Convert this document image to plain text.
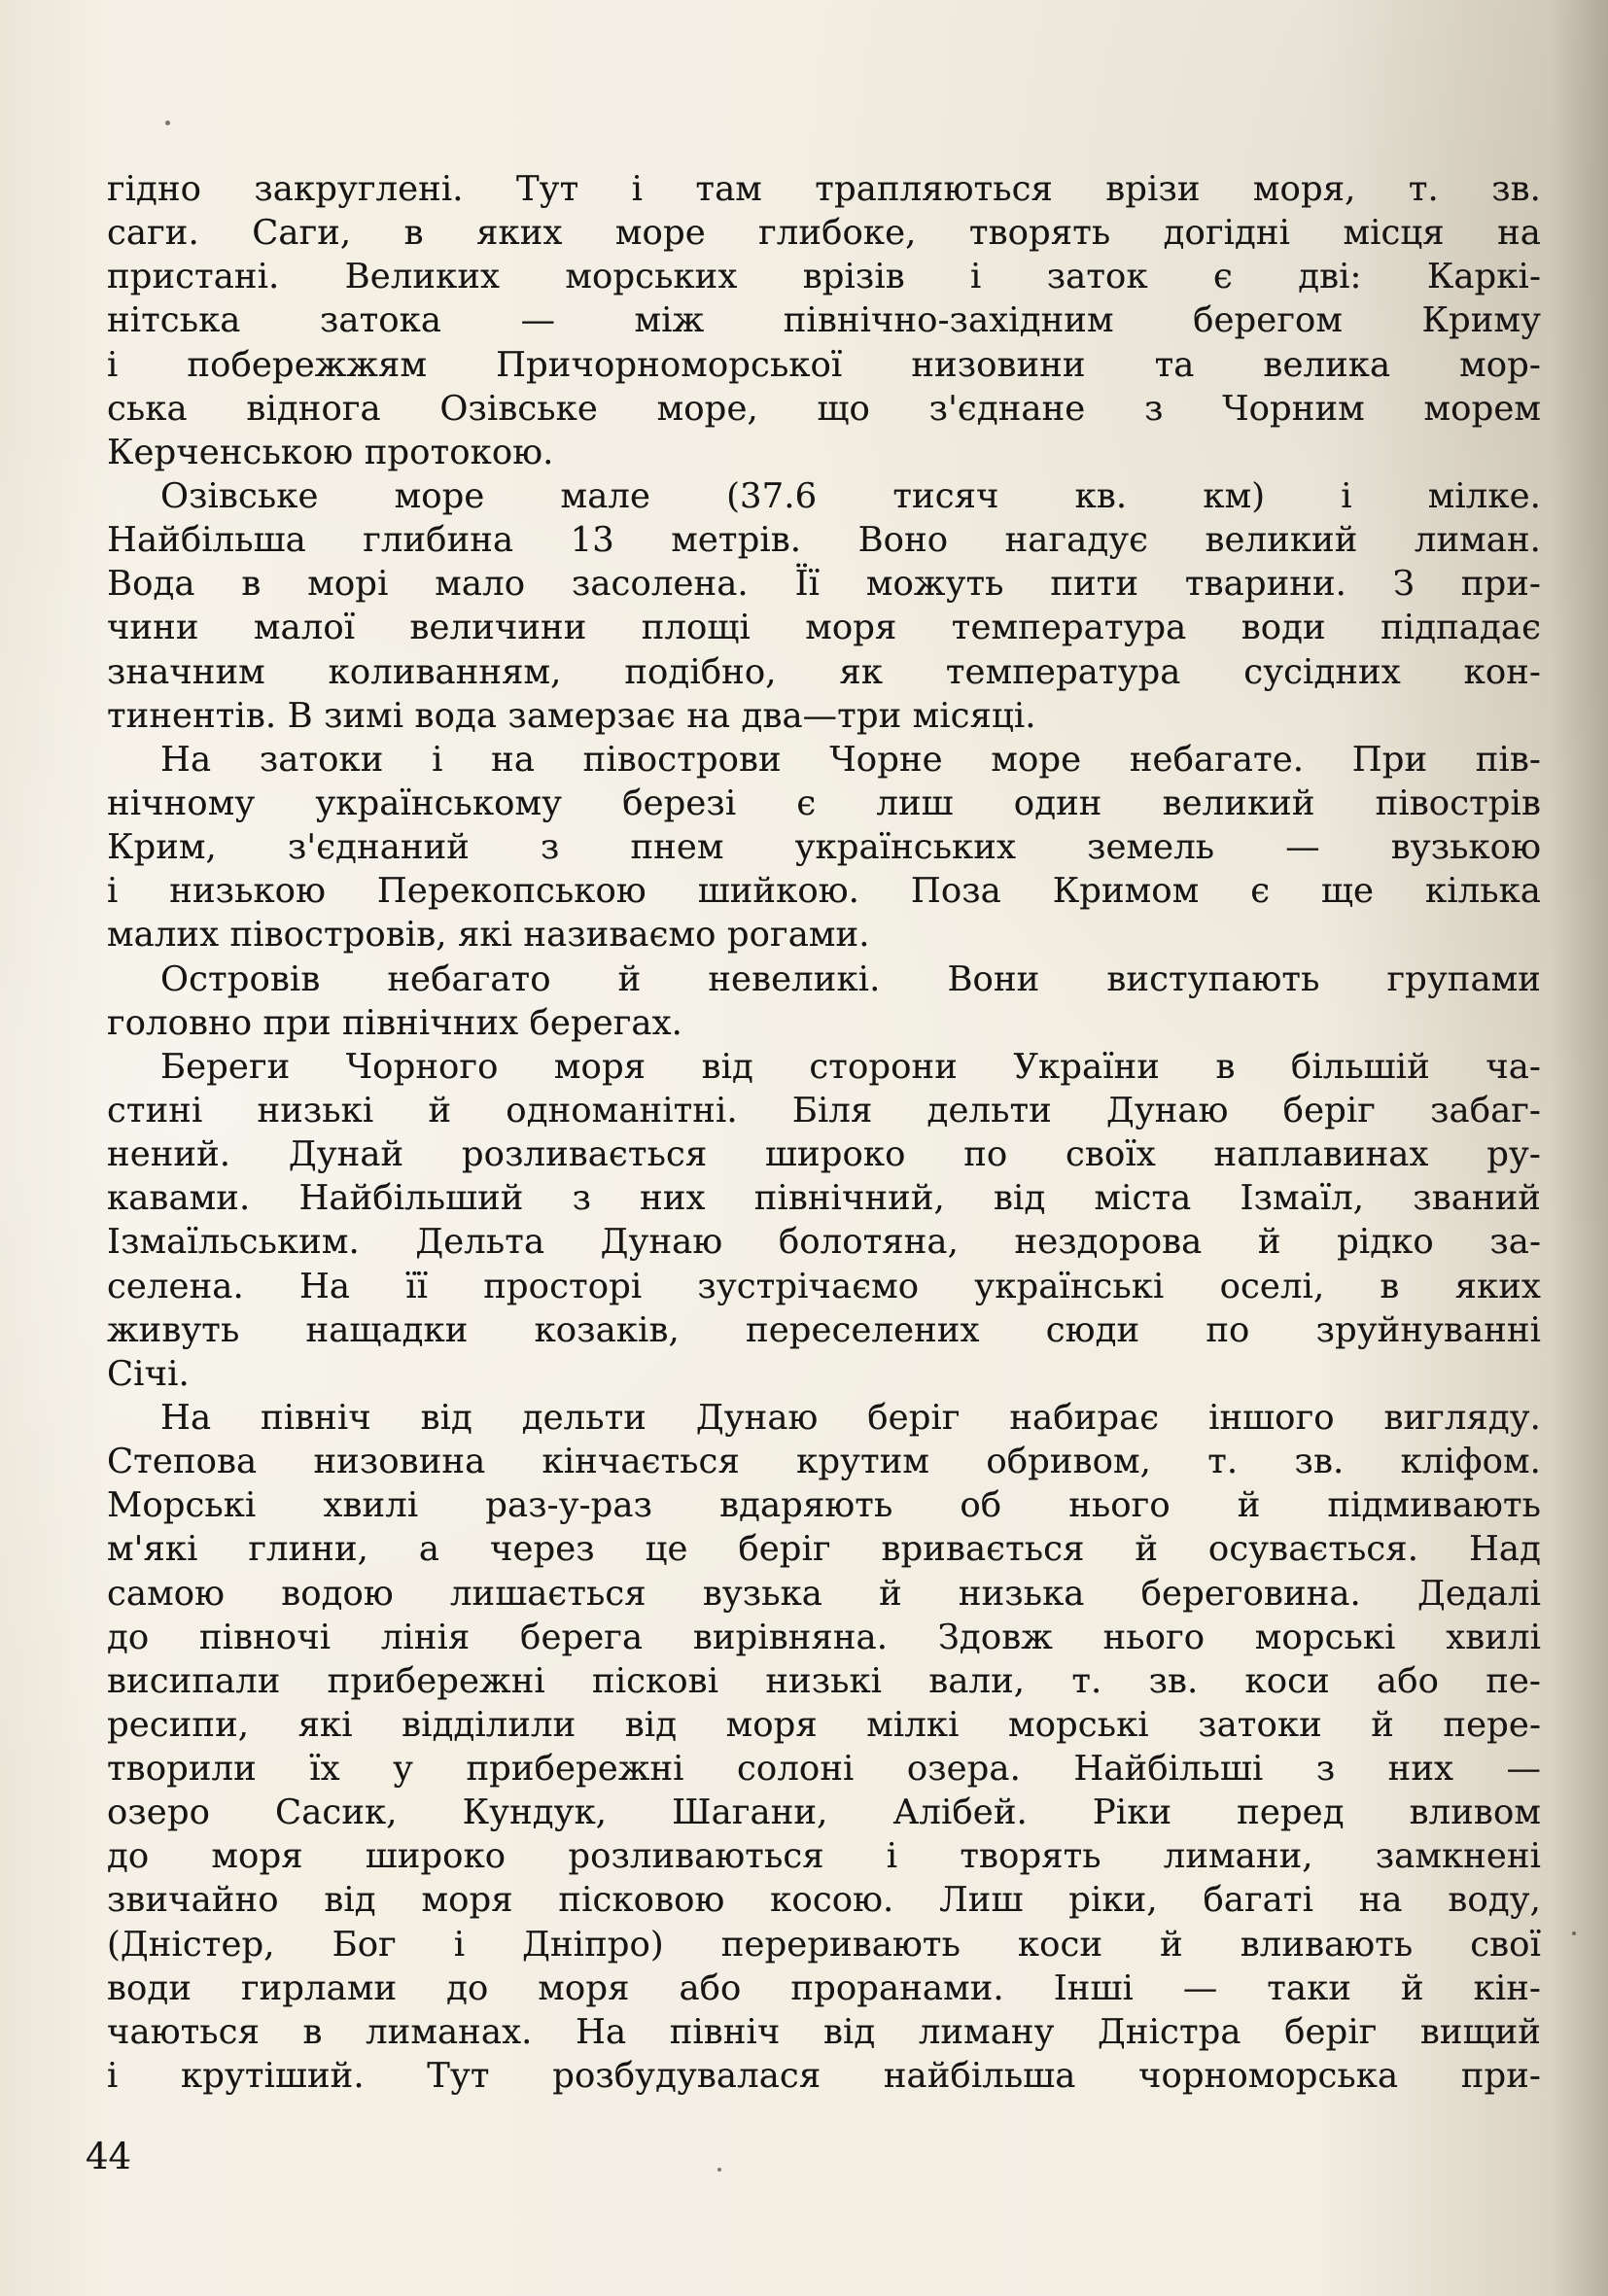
гідно закруглені. Тут і там трапляються врізи моря, т. зв.
саги. Саги, в яких море глибоке, творять догідні місця на
пристані. Великих морських врізів і заток є дві: Каркі-
нітська затока — між північно-західним берегом Криму
і побережжям Причорноморської низовини та велика мор-
ська віднога Озівське море, що з'єднане з Чорним морем
Керченською протокою.
Озівське море мале (37.6 тисяч кв. км) і мілке.
Найбільша глибина 13 метрів. Воно нагадує великий лиман.
Вода в морі мало засолена. Її можуть пити тварини. З при-
чини малої величини площі моря температура води підпадає
значним коливанням, подібно, як температура сусідних кон-
тинентів. В зимі вода замерзає на два—три місяці.
На затоки і на півострови Чорне море небагате. При пів-
нічному українському березі є лиш один великий півострів
Крим, з'єднаний з пнем українських земель — вузькою
і низькою Перекопською шийкою. Поза Кримом є ще кілька
малих півостровів, які називаємо рогами.
Островів небагато й невеликі. Вони виступають групами
головно при північних берегах.
Береги Чорного моря від сторони України в більшій ча-
стині низькі й одноманітні. Біля дельти Дунаю беріг забаг-
нений. Дунай розливається широко по своїх наплавинах ру-
кавами. Найбільший з них північний, від міста Ізмаїл, званий
Ізмаїльським. Дельта Дунаю болотяна, нездорова й рідко за-
селена. На її просторі зустрічаємо українські оселі, в яких
живуть нащадки козаків, переселених сюди по зруйнуванні
Січі.
На північ від дельти Дунаю беріг набирає іншого вигляду.
Степова низовина кінчається крутим обривом, т. зв. кліфом.
Морські хвилі раз-у-раз вдаряють об нього й підмивають
м'які глини, а через це беріг вривається й осувається. Над
самою водою лишається вузька й низька береговина. Дедалі
до півночі лінія берега вирівняна. Здовж нього морські хвилі
висипали прибережні піскові низькі вали, т. зв. коси або пе-
ресипи, які відділили від моря мілкі морські затоки й пере-
творили їх у прибережні солоні озера. Найбільші з них —
озеро Сасик, Кундук, Шагани, Алібей. Ріки перед вливом
до моря широко розливаються і творять лимани, замкнені
звичайно від моря пісковою косою. Лиш ріки, багаті на воду,
(Дністер, Бог і Дніпро) переривають коси й вливають свої
води гирлами до моря або проранами. Інші — таки й кін-
чаються в лиманах. На північ від лиману Дністра беріг вищий
і крутіший. Тут розбудувалася найбільша чорноморська при-
44
